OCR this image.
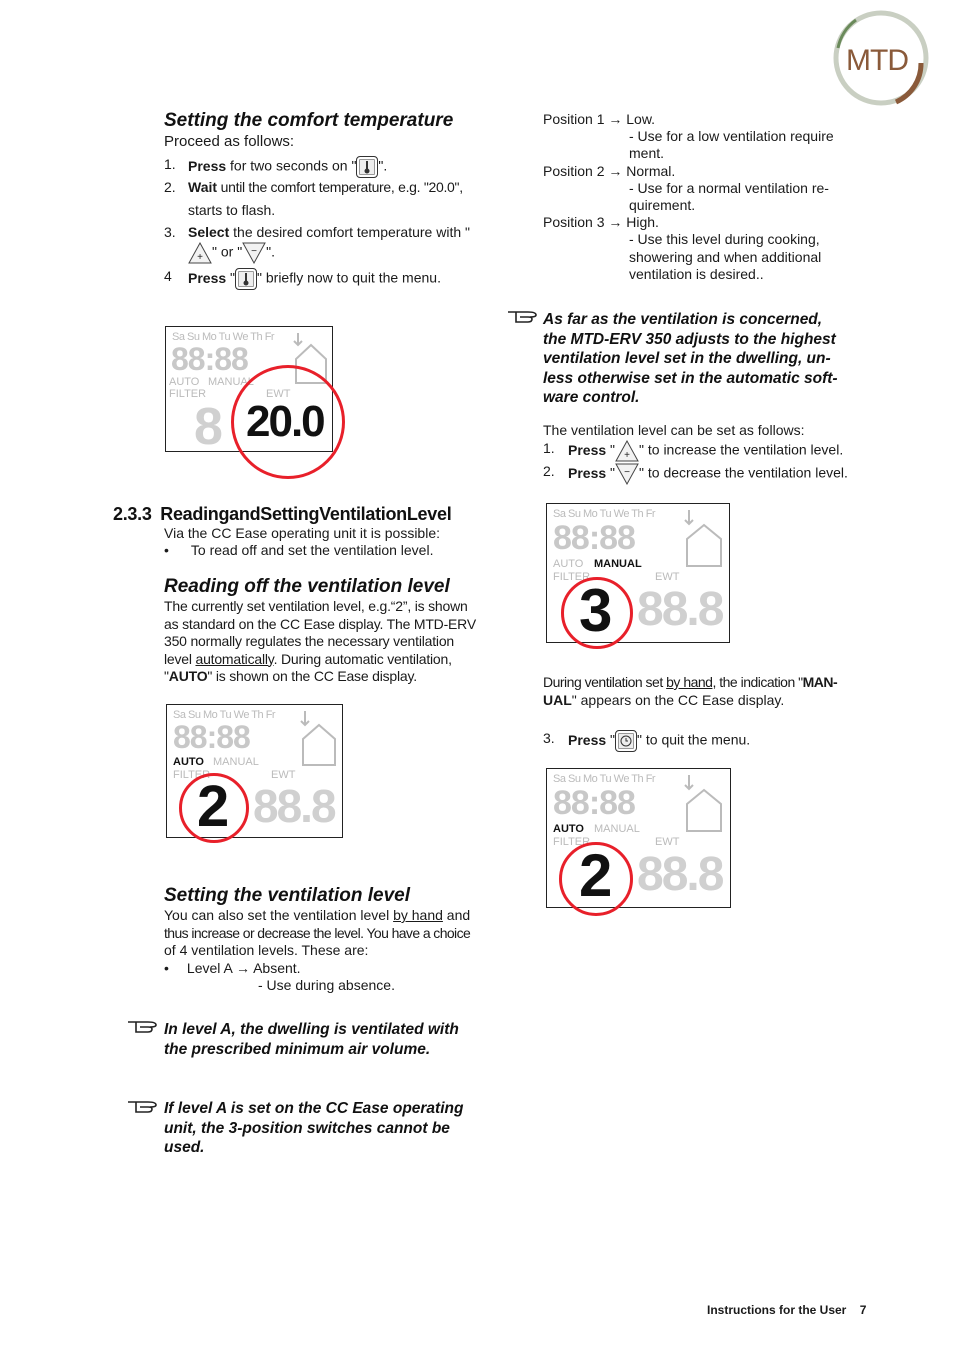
MTD
Setting the comfort temperature
Proceed as follows:
1. Press for two seconds on " ".
2. Wait until the comfort temperature, e.g. "20.0",
starts to flash.
3. Select the desired comfort temperature with "
+ " or " − ".
4 Press " " briefly now to quit the menu.
Sa Su Mo Tu We Th Fr
88:88
AUTO MANUAL
FILTER	EWT
8 20.0
2.3.3 ReadingandSettingVentilationLevel
Via the CC Ease operating unit it is possible:
• To read off and set the ventilation level.
Reading off the ventilation level
The currently set ventilation level, e.g.“2”, is shown
as standard on the CC Ease display. The MTD-ERV
350 normally regulates the necessary ventilation
level automatically. During automatic ventilation,
"AUTO" is shown on the CC Ease display.
Sa Su Mo Tu We Th Fr
88:88
AUTO MANUAL
FILTER	EWT
2 88.8
Setting the ventilation level
You can also set the ventilation level by hand and
thus increase or decrease the level. You have a choice
of 4 ventilation levels. These are:
• Level A → Absent.
- Use during absence.
In level A, the dwelling is ventilated with
the prescribed minimum air volume.
If level A is set on the CC Ease operating
unit, the 3-position switches cannot be
used.
Position 1 → Low.
- Use for a low ventilation require
ment.
Position 2 → Normal.
- Use for a normal ventilation re-
quirement.
Position 3 → High.
- Use this level during cooking,
showering and when additional
ventilation is desired..
As far as the ventilation is concerned,
the MTD-ERV 350 adjusts to the highest
ventilation level set in the dwelling, un-
less otherwise set in the automatic soft-
ware control.
The ventilation level can be set as follows:
1. Press " + " to increase the ventilation level.
2. Press " − " to decrease the ventilation level.
Sa Su Mo Tu We Th Fr
88:88
AUTO MANUAL
FILTER	EWT
3 88.8
During ventilation set by hand, the indication "MAN-
UAL" appears on the CC Ease display.
3. Press " " to quit the menu.
Sa Su Mo Tu We Th Fr
88:88
AUTO MANUAL
FILTER	EWT
2 88.8
Instructions for the User 7
